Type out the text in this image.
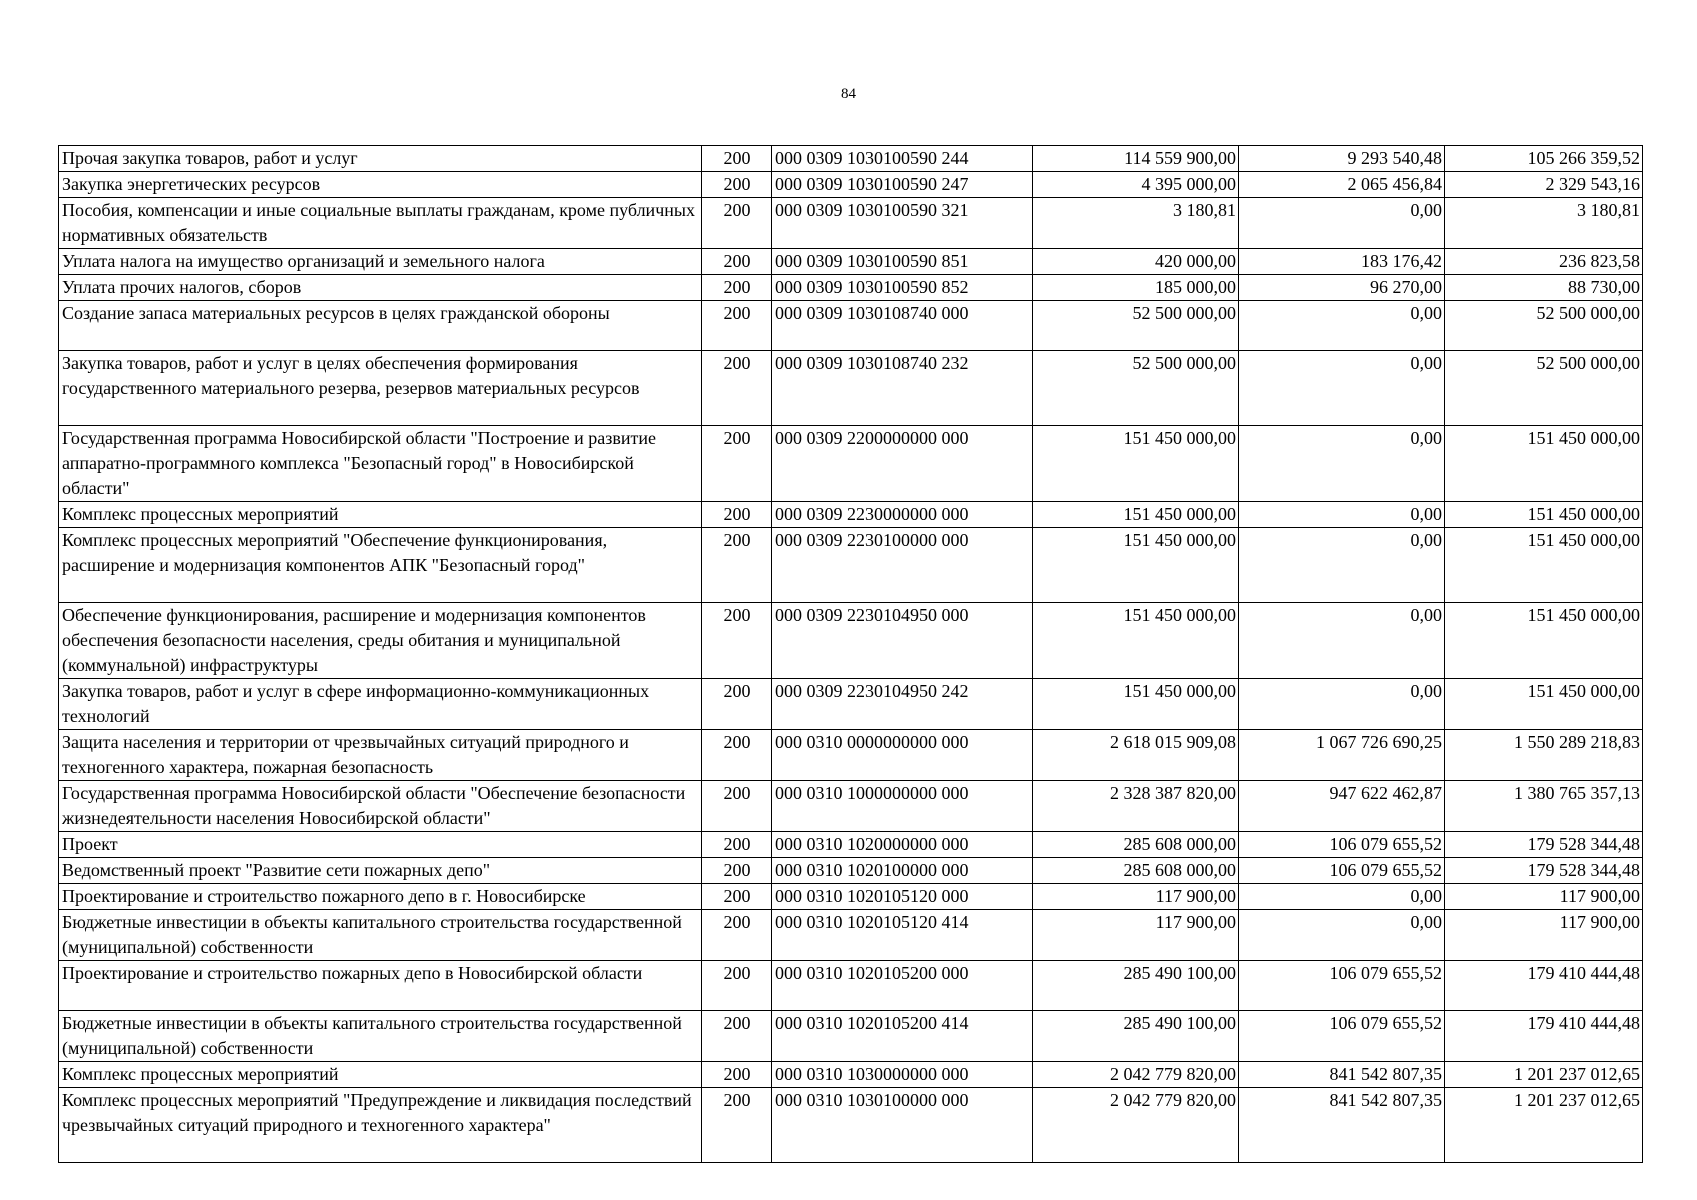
84
Прочая закупка товаров, работ и услуг	200	000 0309 1030100590 244	114 559 900,00	9 293 540,48	105 266 359,52
Закупка энергетических ресурсов	200	000 0309 1030100590 247	4 395 000,00	2 065 456,84	2 329 543,16
Пособия, компенсации и иные социальные выплаты гражданам, кроме публичных нормативных обязательств	200	000 0309 1030100590 321	3 180,81	0,00	3 180,81
Уплата налога на имущество организаций и земельного налога	200	000 0309 1030100590 851	420 000,00	183 176,42	236 823,58
Уплата прочих налогов, сборов	200	000 0309 1030100590 852	185 000,00	96 270,00	88 730,00
Создание запаса материальных ресурсов в целях гражданской обороны	200	000 0309 1030108740 000	52 500 000,00	0,00	52 500 000,00
Закупка товаров, работ и услуг в целях обеспечения формирования государственного материального резерва, резервов материальных ресурсов	200	000 0309 1030108740 232	52 500 000,00	0,00	52 500 000,00
Государственная программа Новосибирской области "Построение и развитие аппаратно-программного комплекса "Безопасный город" в Новосибирской области"	200	000 0309 2200000000 000	151 450 000,00	0,00	151 450 000,00
Комплекс процессных мероприятий	200	000 0309 2230000000 000	151 450 000,00	0,00	151 450 000,00
Комплекс процессных мероприятий "Обеспечение функционирования, расширение и модернизация компонентов АПК "Безопасный город"	200	000 0309 2230100000 000	151 450 000,00	0,00	151 450 000,00
Обеспечение функционирования, расширение и модернизация компонентов обеспечения безопасности населения, среды обитания и муниципальной (коммунальной) инфраструктуры	200	000 0309 2230104950 000	151 450 000,00	0,00	151 450 000,00
Закупка товаров, работ и услуг в сфере информационно-коммуникационных технологий	200	000 0309 2230104950 242	151 450 000,00	0,00	151 450 000,00
Защита населения и территории от чрезвычайных ситуаций природного и техногенного характера, пожарная безопасность	200	000 0310 0000000000 000	2 618 015 909,08	1 067 726 690,25	1 550 289 218,83
Государственная программа Новосибирской области "Обеспечение безопасности жизнедеятельности населения Новосибирской области"	200	000 0310 1000000000 000	2 328 387 820,00	947 622 462,87	1 380 765 357,13
Проект	200	000 0310 1020000000 000	285 608 000,00	106 079 655,52	179 528 344,48
Ведомственный проект "Развитие сети пожарных депо"	200	000 0310 1020100000 000	285 608 000,00	106 079 655,52	179 528 344,48
Проектирование и строительство пожарного депо в г. Новосибирске	200	000 0310 1020105120 000	117 900,00	0,00	117 900,00
Бюджетные инвестиции в объекты капитального строительства государственной (муниципальной) собственности	200	000 0310 1020105120 414	117 900,00	0,00	117 900,00
Проектирование и строительство пожарных депо в Новосибирской области	200	000 0310 1020105200 000	285 490 100,00	106 079 655,52	179 410 444,48
Бюджетные инвестиции в объекты капитального строительства государственной (муниципальной) собственности	200	000 0310 1020105200 414	285 490 100,00	106 079 655,52	179 410 444,48
Комплекс процессных мероприятий	200	000 0310 1030000000 000	2 042 779 820,00	841 542 807,35	1 201 237 012,65
Комплекс процессных мероприятий "Предупреждение и ликвидация последствий чрезвычайных ситуаций природного и техногенного характера"	200	000 0310 1030100000 000	2 042 779 820,00	841 542 807,35	1 201 237 012,65
